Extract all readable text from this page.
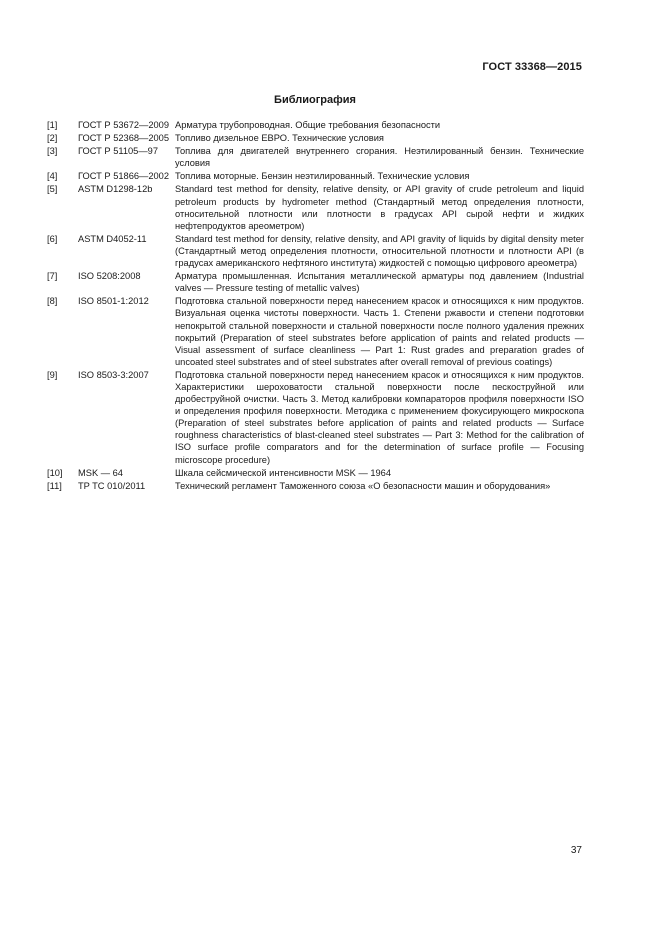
ГОСТ 33368—2015
Библиография
[1]	ГОСТ Р 53672—2009 Арматура трубопроводная. Общие требования безопасности
[2]	ГОСТ Р 52368—2005 Топливо дизельное ЕВРО. Технические условия
[3]	ГОСТ Р 51105—97	Топлива для двигателей внутреннего сгорания. Неэтилированный бензин. Технические условия
[4]	ГОСТ Р 51866—2002 Топлива моторные. Бензин неэтилированный. Технические условия
[5]	ASTM D1298-12b	Standard test method for density, relative density, or API gravity of crude petroleum and liquid petroleum products by hydrometer method (Стандартный метод определения плотности, относительной плотности или плотности в градусах API сырой нефти и жидких нефтепродуктов ареометром)
[6]	ASTM D4052-11	Standard test method for density, relative density, and API gravity of liquids by digital density meter (Стандартный метод определения плотности, относительной плотности и плотности API (в градусах американского нефтяного института) жидкостей с помощью цифрового ареометра)
[7]	ISO 5208:2008	Арматура промышленная. Испытания металлической арматуры под давлением (Industrial valves — Pressure testing of metallic valves)
[8]	ISO 8501-1:2012	Подготовка стальной поверхности перед нанесением красок и относящихся к ним продуктов. Визуальная оценка чистоты поверхности. Часть 1. Степени ржавости и степени подготовки непокрытой стальной поверхности и стальной поверхности после полного удаления прежних покрытий (Preparation of steel substrates before application of paints and related products — Visual assessment of surface cleanliness — Part 1: Rust grades and preparation grades of uncoated steel substrates and of steel substrates after overall removal of previous coatings)
[9]	ISO 8503-3:2007	Подготовка стальной поверхности перед нанесением красок и относящихся к ним продуктов. Характеристики шероховатости стальной поверхности после пескоструйной или дробеструйной очистки. Часть 3. Метод калибровки компараторов профиля поверхности ISO и определения профиля поверхности. Методика с применением фокусирующего микроскопа (Preparation of steel substrates before application of paints and related products — Surface roughness characteristics of blast-cleaned steel substrates — Part 3: Method for the calibration of ISO surface profile comparators and for the determination of surface profile — Focusing microscope procedure)
[10]	MSK — 64	Шкала сейсмической интенсивности MSK — 1964
[11]	TP TC 010/2011	Технический регламент Таможенного союза «О безопасности машин и оборудования»
37
